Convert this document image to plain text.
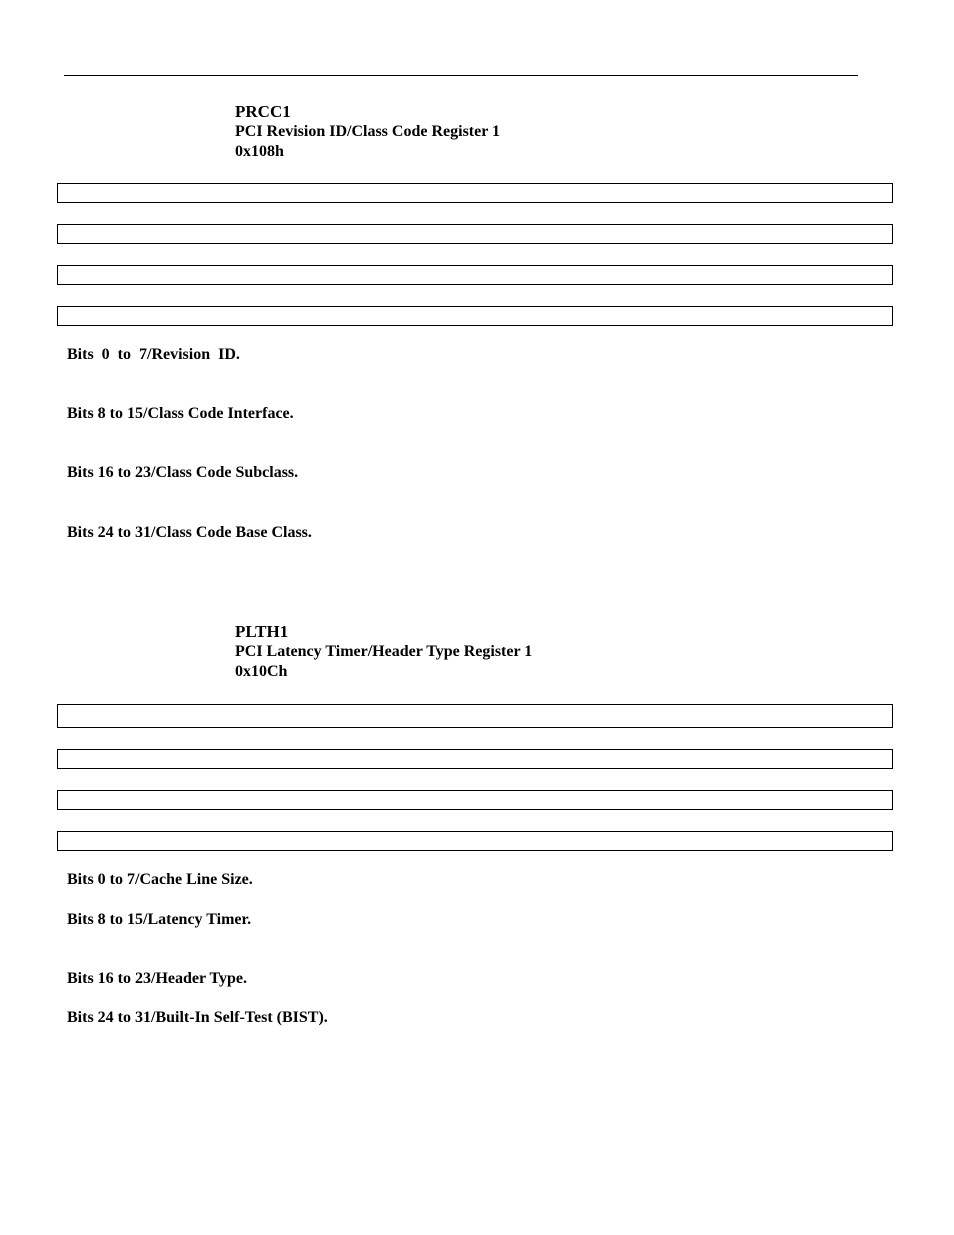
PRCC1
PCI Revision ID/Class Code Register 1
0x108h
Bits  0  to  7/Revision  ID.
Bits 8 to 15/Class Code Interface.
Bits 16 to 23/Class Code Subclass.
Bits 24 to 31/Class Code Base Class.
PLTH1
PCI Latency Timer/Header Type Register 1
0x10Ch
Bits 0 to 7/Cache Line Size.
Bits 8 to 15/Latency Timer.
Bits 16 to 23/Header Type.
Bits 24 to 31/Built-In Self-Test (BIST).
